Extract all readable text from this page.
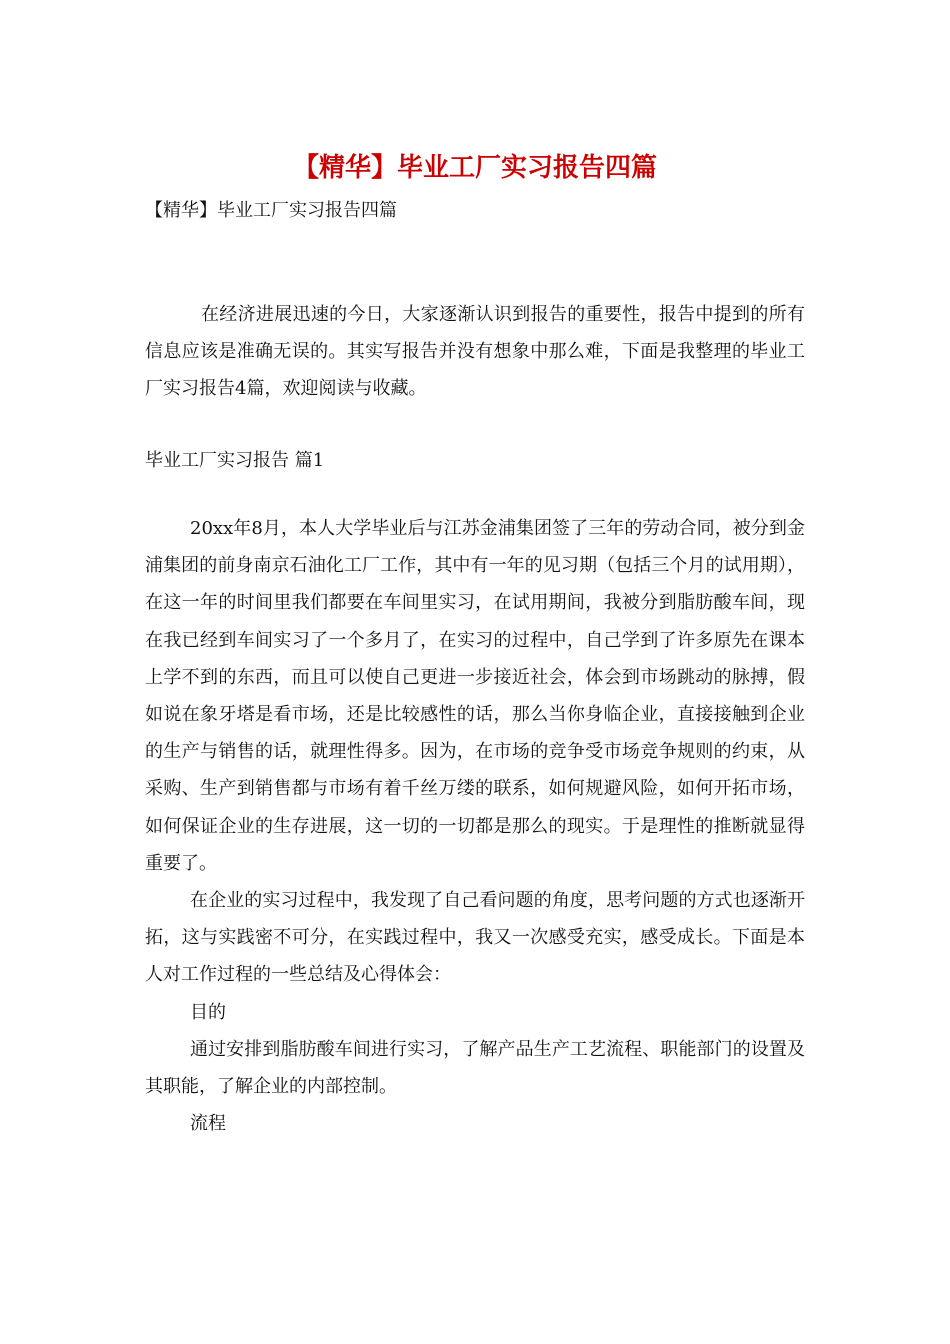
【精华】毕业工厂实习报告四篇

【精华】毕业工厂实习报告四篇

在经济进展迅速的今日，大家逐渐认识到报告的重要性，报告中提到的所有信息应该是准确无误的。其实写报告并没有想象中那么难，下面是我整理的毕业工厂实习报告4篇，欢迎阅读与收藏。

毕业工厂实习报告 篇1

20xx年8月，本人大学毕业后与江苏金浦集团签了三年的劳动合同，被分到金浦集团的前身南京石油化工厂工作，其中有一年的见习期（包括三个月的试用期），在这一年的时间里我们都要在车间里实习，在试用期间，我被分到脂肪酸车间，现在我已经到车间实习了一个多月了，在实习的过程中，自己学到了许多原先在课本上学不到的东西，而且可以使自己更进一步接近社会，体会到市场跳动的脉搏，假如说在象牙塔是看市场，还是比较感性的话，那么当你身临企业，直接接触到企业的生产与销售的话，就理性得多。因为，在市场的竞争受市场竞争规则的约束，从采购、生产到销售都与市场有着千丝万缕的联系，如何规避风险，如何开拓市场，如何保证企业的生存进展，这一切的一切都是那么的现实。于是理性的推断就显得重要了。

在企业的实习过程中，我发现了自己看问题的角度，思考问题的方式也逐渐开拓，这与实践密不可分，在实践过程中，我又一次感受充实，感受成长。下面是本人对工作过程的一些总结及心得体会：

目的

通过安排到脂肪酸车间进行实习，了解产品生产工艺流程、职能部门的设置及其职能，了解企业的内部控制。

流程
